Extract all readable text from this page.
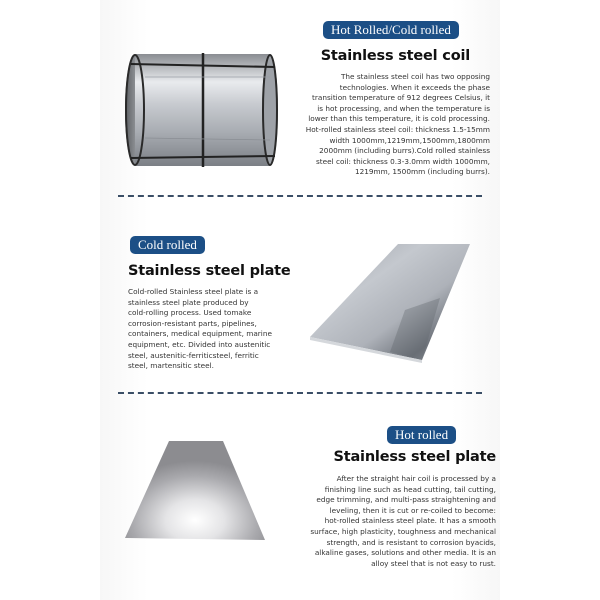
Hot Rolled/Cold rolled
Stainless steel coil
The stainless steel coil has two opposing
technologies. When it exceeds the phase
transition temperature of 912 degrees Celsius, it
is hot processing, and when the temperature is
lower than this temperature, it is cold processing.
Hot-rolled stainless steel coil: thickness 1.5-15mm
width 1000mm,1219mm,1500mm,1800mm
2000mm (including burrs).Cold rolled stainless
steel coil: thickness 0.3-3.0mm width 1000mm,
1219mm, 1500mm (including burrs).
Cold rolled
Stainless steel plate
Cold-rolled Stainless steel plate is a
stainless steel plate produced by
cold-rolling process. Used tomake
corrosion-resistant parts, pipelines,
containers, medical equipment, marine
equipment, etc. Divided into austenitic
steel, austenitic-ferriticsteel, ferritic
steel, martensitic steel.
Hot rolled
Stainless steel plate
After the straight hair coil is processed by a
finishing line such as head cutting, tail cutting,
edge trimming, and multi-pass straightening and
leveling, then it is cut or re-coiled to become:
hot-rolled stainless steel plate. It has a smooth
surface, high plasticity, toughness and mechanical
strength, and is resistant to corrosion byacids,
alkaline gases, solutions and other media. It is an
alloy steel that is not easy to rust.
